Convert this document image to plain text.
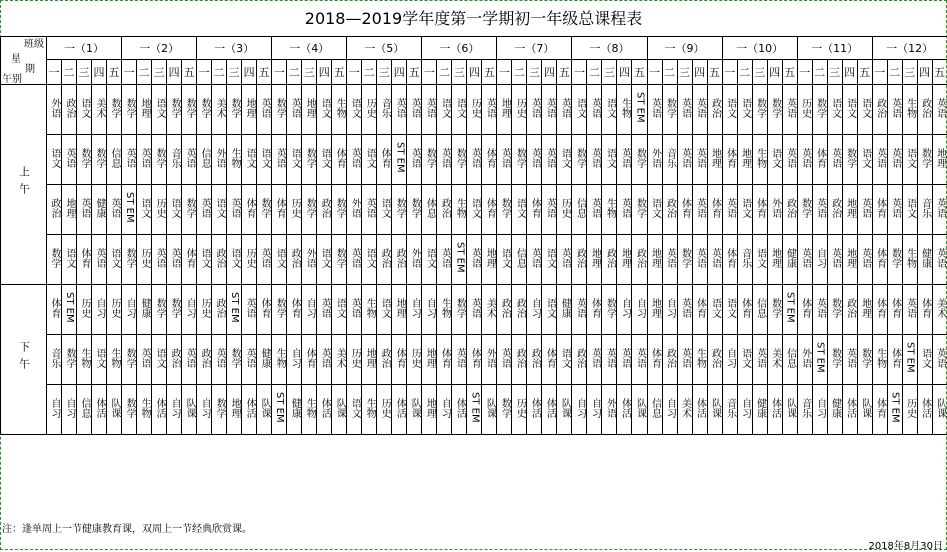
2018—2019学年度第一学期初一年级总课程表
班级
星
期
午别	一（1）					一（2）					一（3）					一（4）					一（5）					一（6）					一（7）					一（8）					一（9）					一（10）					一（11）					一（12）				
	一	二	三	四	五	一	二	三	四	五	一	二	三	四	五	一	二	三	四	五	一	二	三	四	五	一	二	三	四	五	一	二	三	四	五	一	二	三	四	五	一	二	三	四	五	一	二	三	四	五	一	二	三	四	五	一	二	三	四	五
上午	外语	政治	语文	美术	数学	数学	地理	语文	数学	数学	数学	美术	数学	地理	英语	数学	英语	地理	语文	生物	语文	历史	音乐	英语	英语	英语	语文	语文	历史	英语	地理	历史	英语	英语	英语	语文	英语	语文	生物	ST EM	英语	数学	英语	英语	政治	语文	语文	数学	数学	英语	历史	数学	语文	语文	语文	政治	英语	生物	政治	英语
	语文	英语	数学	数学	信息	英语	英语	数学	音乐	英语	信息	外语	生物	语文	语文	英语	语文	数学	语文	体育	英语	语文	体育	ST EM	英语	数学	英语	数学	英语	体育	英语	数学	英语	英语	语文	数学	英语	语文	英语	数学	外语	音乐	英语	英语	地理	体育	地理	生物	语文	英语	英语	体育	英语	数学	语文	英语	英语	语文	数学	地理
	政治	地理	英语	健康	英语	ST EM	语文	历史	语文	数学	英语	语文	英语	体育	数学	体育	历史	数学	政治	数学	外语	英语	语文	数学	数学	体息	政治	生物	语文	体育	数学	语文	体育	英语	历史	信息	英语	生物	英语	数学	语文	政治	体育	英语	体育	英语	语文	体育	外语	政治	数学	英语	政治	地理	英语	体育	英语	语文	音乐	英语
	数学	语文	体育	英语	语文	数学	历史	英语	英语	体育	语文	政治	语文	历史	英语	语文	政治	外语	语文	数学	英语	语文	政治	政治	外语	语文	英语	ST EM	英语	地理	语文	信息	英语	语文	英语	政治	地理	政治	地理	政治	地理	英语	数学	英语	英语	体育	音乐	语文	地理	健康	英语	自习	英语	地理	英语	体育	数学	生物	健康	英语
下午	体育	ST EM	历史	自习	历史	自习	健康	数学	数学	自习	历史	政治	ST EM	英语	体育	数学	体育	自习	英语	语文	英语	生物	语文	地理	自习	自习	生物	数学	英语	美术	政治	政治	自习	语文	健康	英语	体育	数学	自习	自习	地理	自习	英语	体育	语文	语文	体育	信息	数学	ST EM	体育	英语	数学	政治	地理	体育	体育	英语	体育	美术
	音乐	数学	生物	语文	生物	数学	英语	语文	政治	英语	政治	英语	数学	英语	健康	生物	自习	体育	英语	美术	历史	地理	政治	体育	历史	地理	体育	英语	体育	外语	英语	政治	政治	体育	语文	政治	英语	英语	英语	英语	体育	政治	英语	生物	政治	自习	语文	英语	美术	信息	外语	ST EM	数学	英语	数学	生物	体育	ST EM	语文	英语
	自习	自习	信息	体活	队课	数学	生物	体活	自习	队课	自习	数学	地理	体活	队课	ST EM	健康	生物	体活	队课	语文	生物	历史	体活	队课	地理	自习	体活	ST EM	队课	数学	历史	体活	体活	队课	自习	自习	外语	体活	队课	信息	自习	美术	体活	队课	音乐	自习	健康	体活	队课	音乐	自习	健康	体活	队课	体育	ST EM	历史	体活	队课
注：逢单周上一节健康教育课，双周上一节经典欣赏课。
2018年8月30日
